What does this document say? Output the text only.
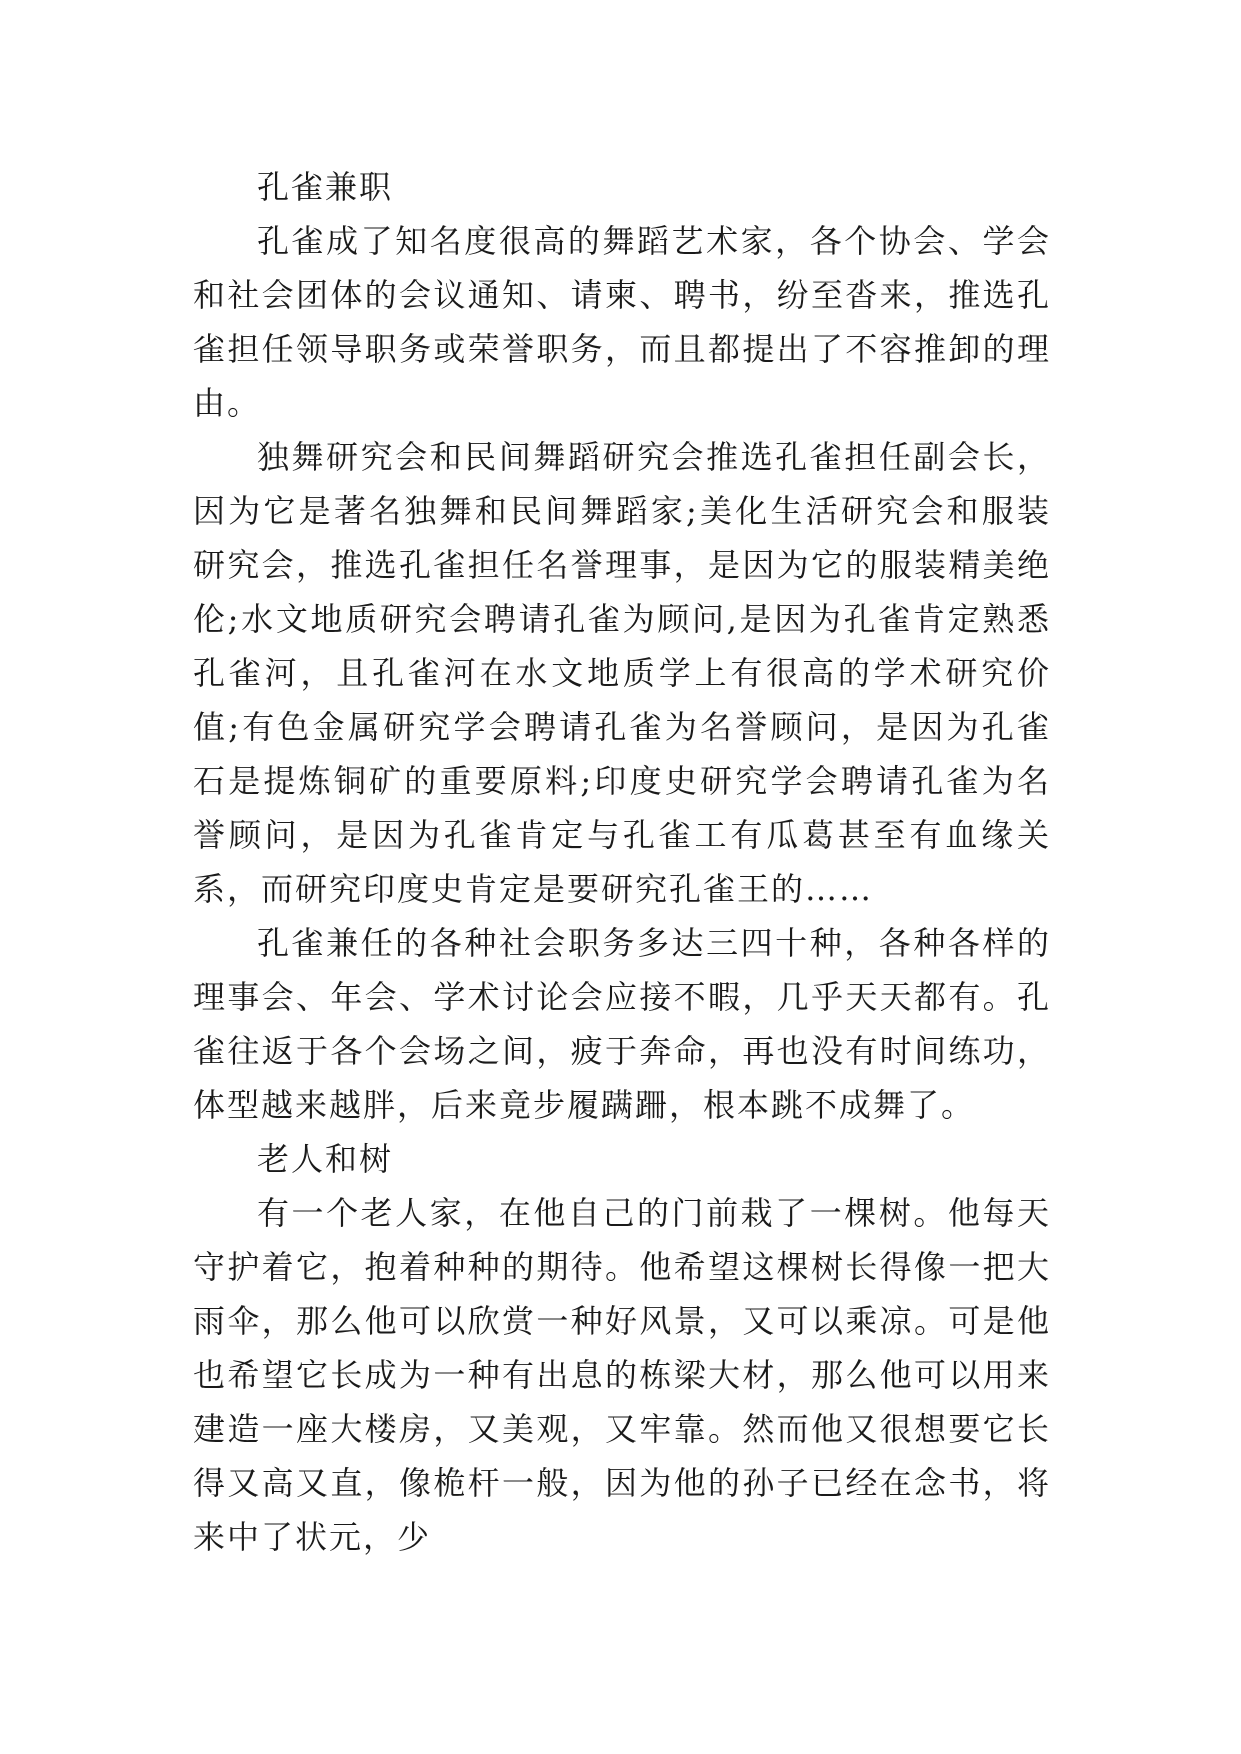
孔雀兼职

孔雀成了知名度很高的舞蹈艺术家，各个协会、学会和社会团体的会议通知、请柬、聘书，纷至沓来，推选孔雀担任领导职务或荣誉职务，而且都提出了不容推卸的理由。

独舞研究会和民间舞蹈研究会推选孔雀担任副会长，因为它是著名独舞和民间舞蹈家;美化生活研究会和服装研究会，推选孔雀担任名誉理事，是因为它的服装精美绝伦;水文地质研究会聘请孔雀为顾问,是因为孔雀肯定熟悉孔雀河，且孔雀河在水文地质学上有很高的学术研究价值;有色金属研究学会聘请孔雀为名誉顾问，是因为孔雀石是提炼铜矿的重要原料;印度史研究学会聘请孔雀为名誉顾问，是因为孔雀肯定与孔雀工有瓜葛甚至有血缘关系，而研究印度史肯定是要研究孔雀王的……

孔雀兼任的各种社会职务多达三四十种，各种各样的理事会、年会、学术讨论会应接不暇，几乎天天都有。孔雀往返于各个会场之间，疲于奔命，再也没有时间练功，体型越来越胖，后来竟步履蹒跚，根本跳不成舞了。

老人和树

有一个老人家，在他自己的门前栽了一棵树。他每天守护着它，抱着种种的期待。他希望这棵树长得像一把大雨伞，那么他可以欣赏一种好风景，又可以乘凉。可是他也希望它长成为一种有出息的栋梁大材，那么他可以用来建造一座大楼房，又美观，又牢靠。然而他又很想要它长得又高又直，像桅杆一般，因为他的孙子已经在念书，将来中了状元，少
